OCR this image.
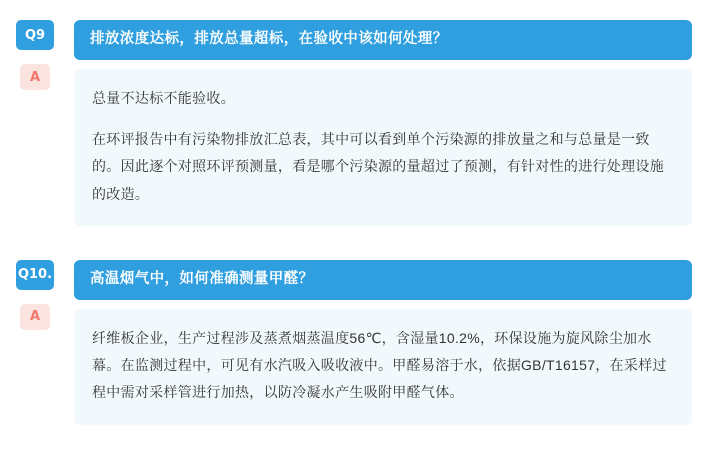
Q9
A
排放浓度达标，排放总量超标，在验收中该如何处理？

总量不达标不能验收。

在环评报告中有污染物排放汇总表，其中可以看到单个污染源的排放量之和与总量是一致的。因此逐个对照环评预测量，看是哪个污染源的量超过了预测，有针对性的进行处理设施的改造。

Q10.
A
高温烟气中，如何准确测量甲醛？

纤维板企业，生产过程涉及蒸煮烟蒸温度56℃，含湿量10.2%，环保设施为旋风除尘加水幕。在监测过程中，可见有水汽吸入吸收液中。甲醛易溶于水，依据GB/T16157，在采样过程中需对采样管进行加热，以防冷凝水产生吸附甲醛气体。
